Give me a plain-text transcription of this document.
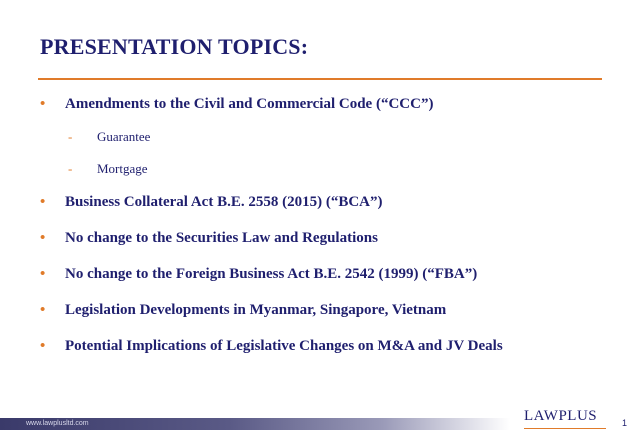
PRESENTATION TOPICS:
• Amendments to the Civil and Commercial Code (“CCC”)
- Guarantee
- Mortgage
• Business Collateral Act B.E. 2558 (2015) (“BCA”)
• No change to the Securities Law and Regulations
• No change to the Foreign Business Act B.E. 2542 (1999) (“FBA”)
• Legislation Developments in Myanmar, Singapore, Vietnam
• Potential Implications of Legislative Changes on M&A and JV Deals
www.lawplusltd.com	LAWPLUS	1
